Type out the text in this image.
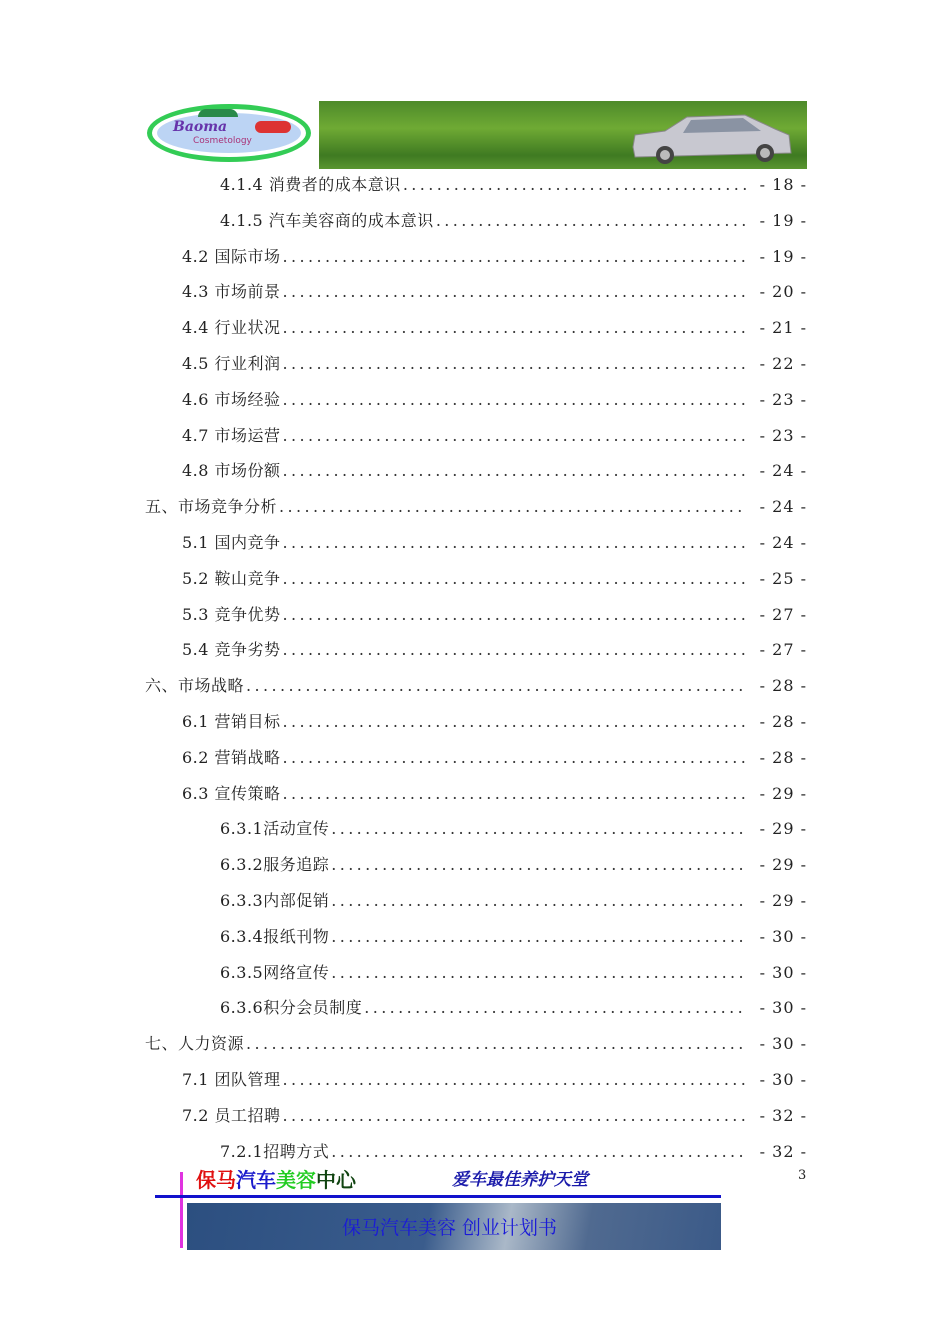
Baoma
Cosmetology
4.1.4 消费者的成本意识 ......................................... - 18 -
4.1.5 汽车美容商的成本意识 ..................................... - 19 -
4.2 国际市场 ....................................................... - 19 -
4.3 市场前景 ....................................................... - 20 -
4.4 行业状况 ....................................................... - 21 -
4.5 行业利润 ....................................................... - 22 -
4.6 市场经验 ....................................................... - 23 -
4.7 市场运营 ....................................................... - 23 -
4.8 市场份额 ....................................................... - 24 -
五、市场竞争分析 ....................................................... - 24 -
5.1 国内竞争 ....................................................... - 24 -
5.2 鞍山竞争 ....................................................... - 25 -
5.3 竞争优势 ....................................................... - 27 -
5.4 竞争劣势 ....................................................... - 27 -
六、市场战略 ........................................................... - 28 -
6.1 营销目标 ....................................................... - 28 -
6.2 营销战略 ....................................................... - 28 -
6.3 宣传策略 ....................................................... - 29 -
6.3.1活动宣传 ................................................. - 29 -
6.3.2服务追踪 ................................................. - 29 -
6.3.3内部促销 ................................................. - 29 -
6.3.4报纸刊物 ................................................. - 30 -
6.3.5网络宣传 ................................................. - 30 -
6.3.6积分会员制度 ............................................. - 30 -
七、人力资源 ........................................................... - 30 -
7.1 团队管理 ....................................................... - 30 -
7.2 员工招聘 ....................................................... - 32 -
7.2.1招聘方式 ................................................. - 32 -
保马汽车美容中心	爱车最佳养护天堂
保马汽车美容 创业计划书
3
